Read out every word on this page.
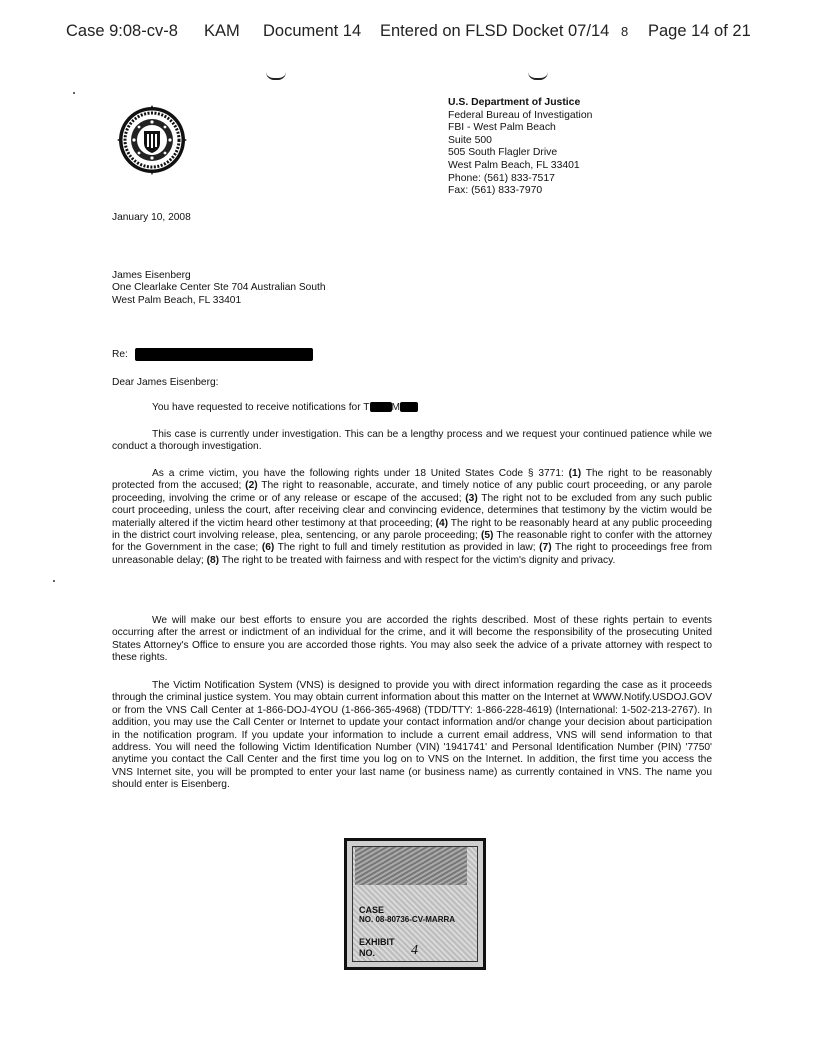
Case 9:08-cv-8 KAM Document 14 Entered on FLSD Docket 07/14 8 Page 14 of 21
U.S. Department of Justice
Federal Bureau of Investigation
FBI - West Palm Beach
Suite 500
505 South Flagler Drive
West Palm Beach, FL 33401
Phone: (561) 833-7517
Fax: (561) 833-7970
January 10, 2008
James Eisenberg
One Clearlake Center Ste 704 Australian South
West Palm Beach, FL 33401
Re:
Dear James Eisenberg:

You have requested to receive notifications for T M

This case is currently under investigation. This can be a lengthy process and we request your continued patience while we conduct a thorough investigation.

As a crime victim, you have the following rights under 18 United States Code § 3771: (1) The right to be reasonably protected from the accused; (2) The right to reasonable, accurate, and timely notice of any public court proceeding, or any parole proceeding, involving the crime or of any release or escape of the accused; (3) The right not to be excluded from any such public court proceeding, unless the court, after receiving clear and convincing evidence, determines that testimony by the victim would be materially altered if the victim heard other testimony at that proceeding; (4) The right to be reasonably heard at any public proceeding in the district court involving release, plea, sentencing, or any parole proceeding; (5) The reasonable right to confer with the attorney for the Government in the case; (6) The right to full and timely restitution as provided in law; (7) The right to proceedings free from unreasonable delay; (8) The right to be treated with fairness and with respect for the victim's dignity and privacy.

We will make our best efforts to ensure you are accorded the rights described. Most of these rights pertain to events occurring after the arrest or indictment of an individual for the crime, and it will become the responsibility of the prosecuting United States Attorney's Office to ensure you are accorded those rights. You may also seek the advice of a private attorney with respect to these rights.

The Victim Notification System (VNS) is designed to provide you with direct information regarding the case as it proceeds through the criminal justice system. You may obtain current information about this matter on the Internet at WWW.Notify.USDOJ.GOV or from the VNS Call Center at 1-866-DOJ-4YOU (1-866-365-4968) (TDD/TTY: 1-866-228-4619) (International: 1-502-213-2767). In addition, you may use the Call Center or Internet to update your contact information and/or change your decision about participation in the notification program. If you update your information to include a current email address, VNS will send information to that address. You will need the following Victim Identification Number (VIN) '1941741' and Personal Identification Number (PIN) '7750' anytime you contact the Call Center and the first time you log on to VNS on the Internet. In addition, the first time you access the VNS Internet site, you will be prompted to enter your last name (or business name) as currently contained in VNS. The name you should enter is Eisenberg.

CASE
NO. 08-80736-CV-MARRA
EXHIBIT
NO.	4
